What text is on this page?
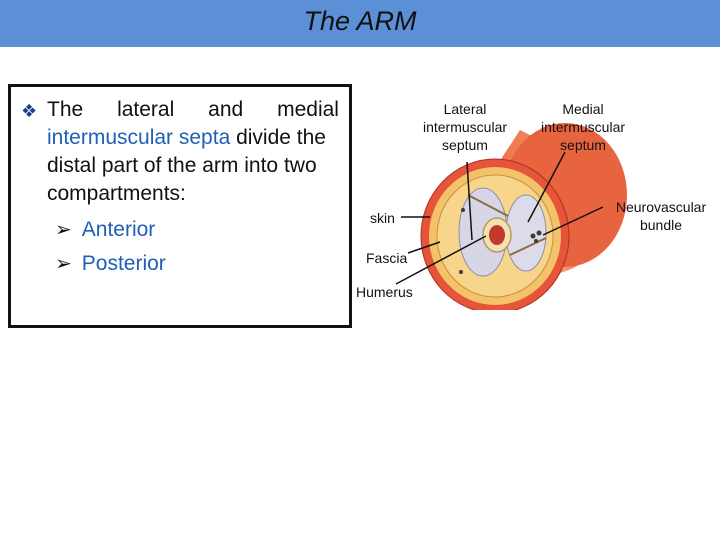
The ARM
❖ The lateral and medial
intermuscular septa divide the
distal part of the arm into two
compartments:
➢ Anterior
➢ Posterior
Lateral
intermuscular
septum
Medial
intermuscular
septum
Neurovascular
bundle
skin
Fascia
Humerus
